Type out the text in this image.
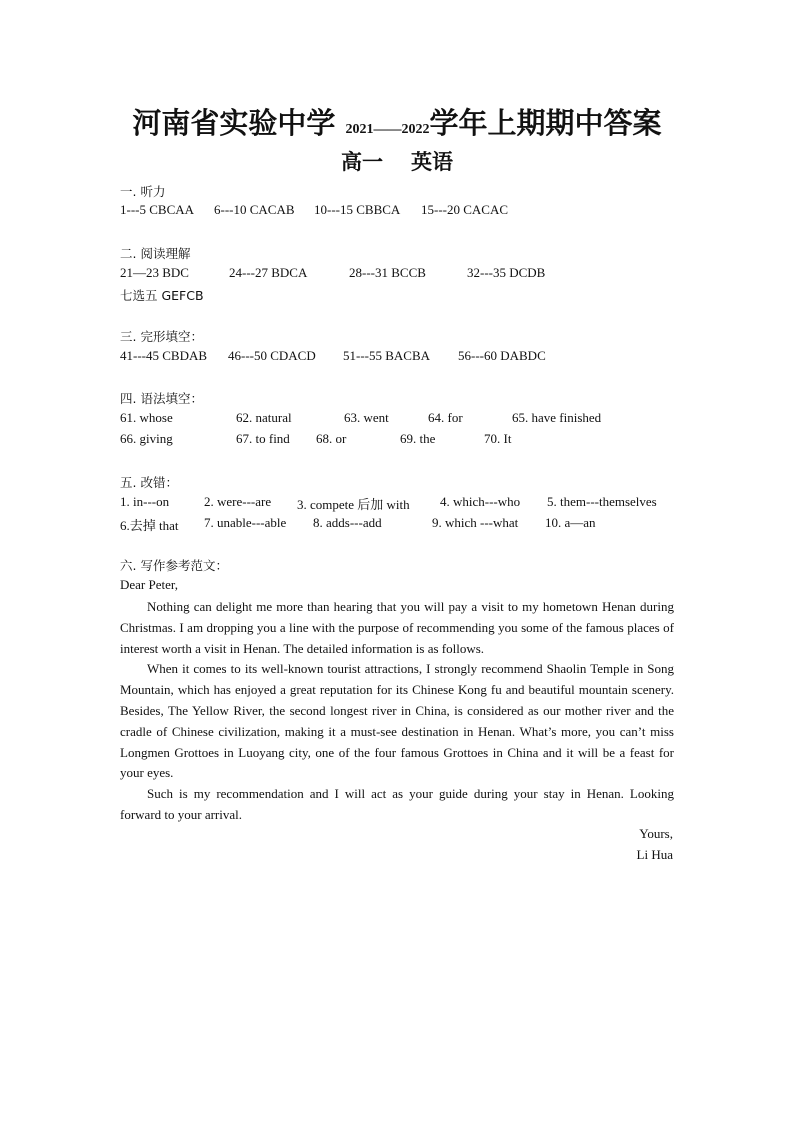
河南省实验中学 2021——2022学年上期期中答案
高一 英语
一. 听力
1---5 CBCAA 6---10 CACAB 10---15 CBBCA 15---20 CACAC
二. 阅读理解
21—23 BDC	24---27 BDCA	28---31 BCCB	32---35 DCDB
七选五 GEFCB
三. 完形填空：
41---45 CBDAB 46---50 CDACD 51---55 BACBA 56---60 DABDC
四. 语法填空：
61. whose	62. natural	63. went	64. for	65. have finished
66. giving	67. to find 68. or	69. the	70. It
五. 改错：
1. in---on	2. were---are 3. compete 后加 with 4. which---who 5. them---themselves
6.去掉 that 7. unable---able 8. adds---add	9. which ---what 10. a—an
六. 写作参考范文：
Dear Peter,

Nothing can delight me more than hearing that you will pay a visit to my hometown Henan during Christmas. I am dropping you a line with the purpose of recommending you some of the famous places of interest worth a visit in Henan. The detailed information is as follows.

When it comes to its well-known tourist attractions, I strongly recommend Shaolin Temple in Song Mountain, which has enjoyed a great reputation for its Chinese Kong fu and beautiful mountain scenery. Besides, The Yellow River, the second longest river in China, is considered as our mother river and the cradle of Chinese civilization, making it a must-see destination in Henan. What’s more, you can’t miss Longmen Grottoes in Luoyang city, one of the four famous Grottoes in China and it will be a feast for your eyes.

Such is my recommendation and I will act as your guide during your stay in Henan. Looking forward to your arrival.

Yours,
Li Hua
